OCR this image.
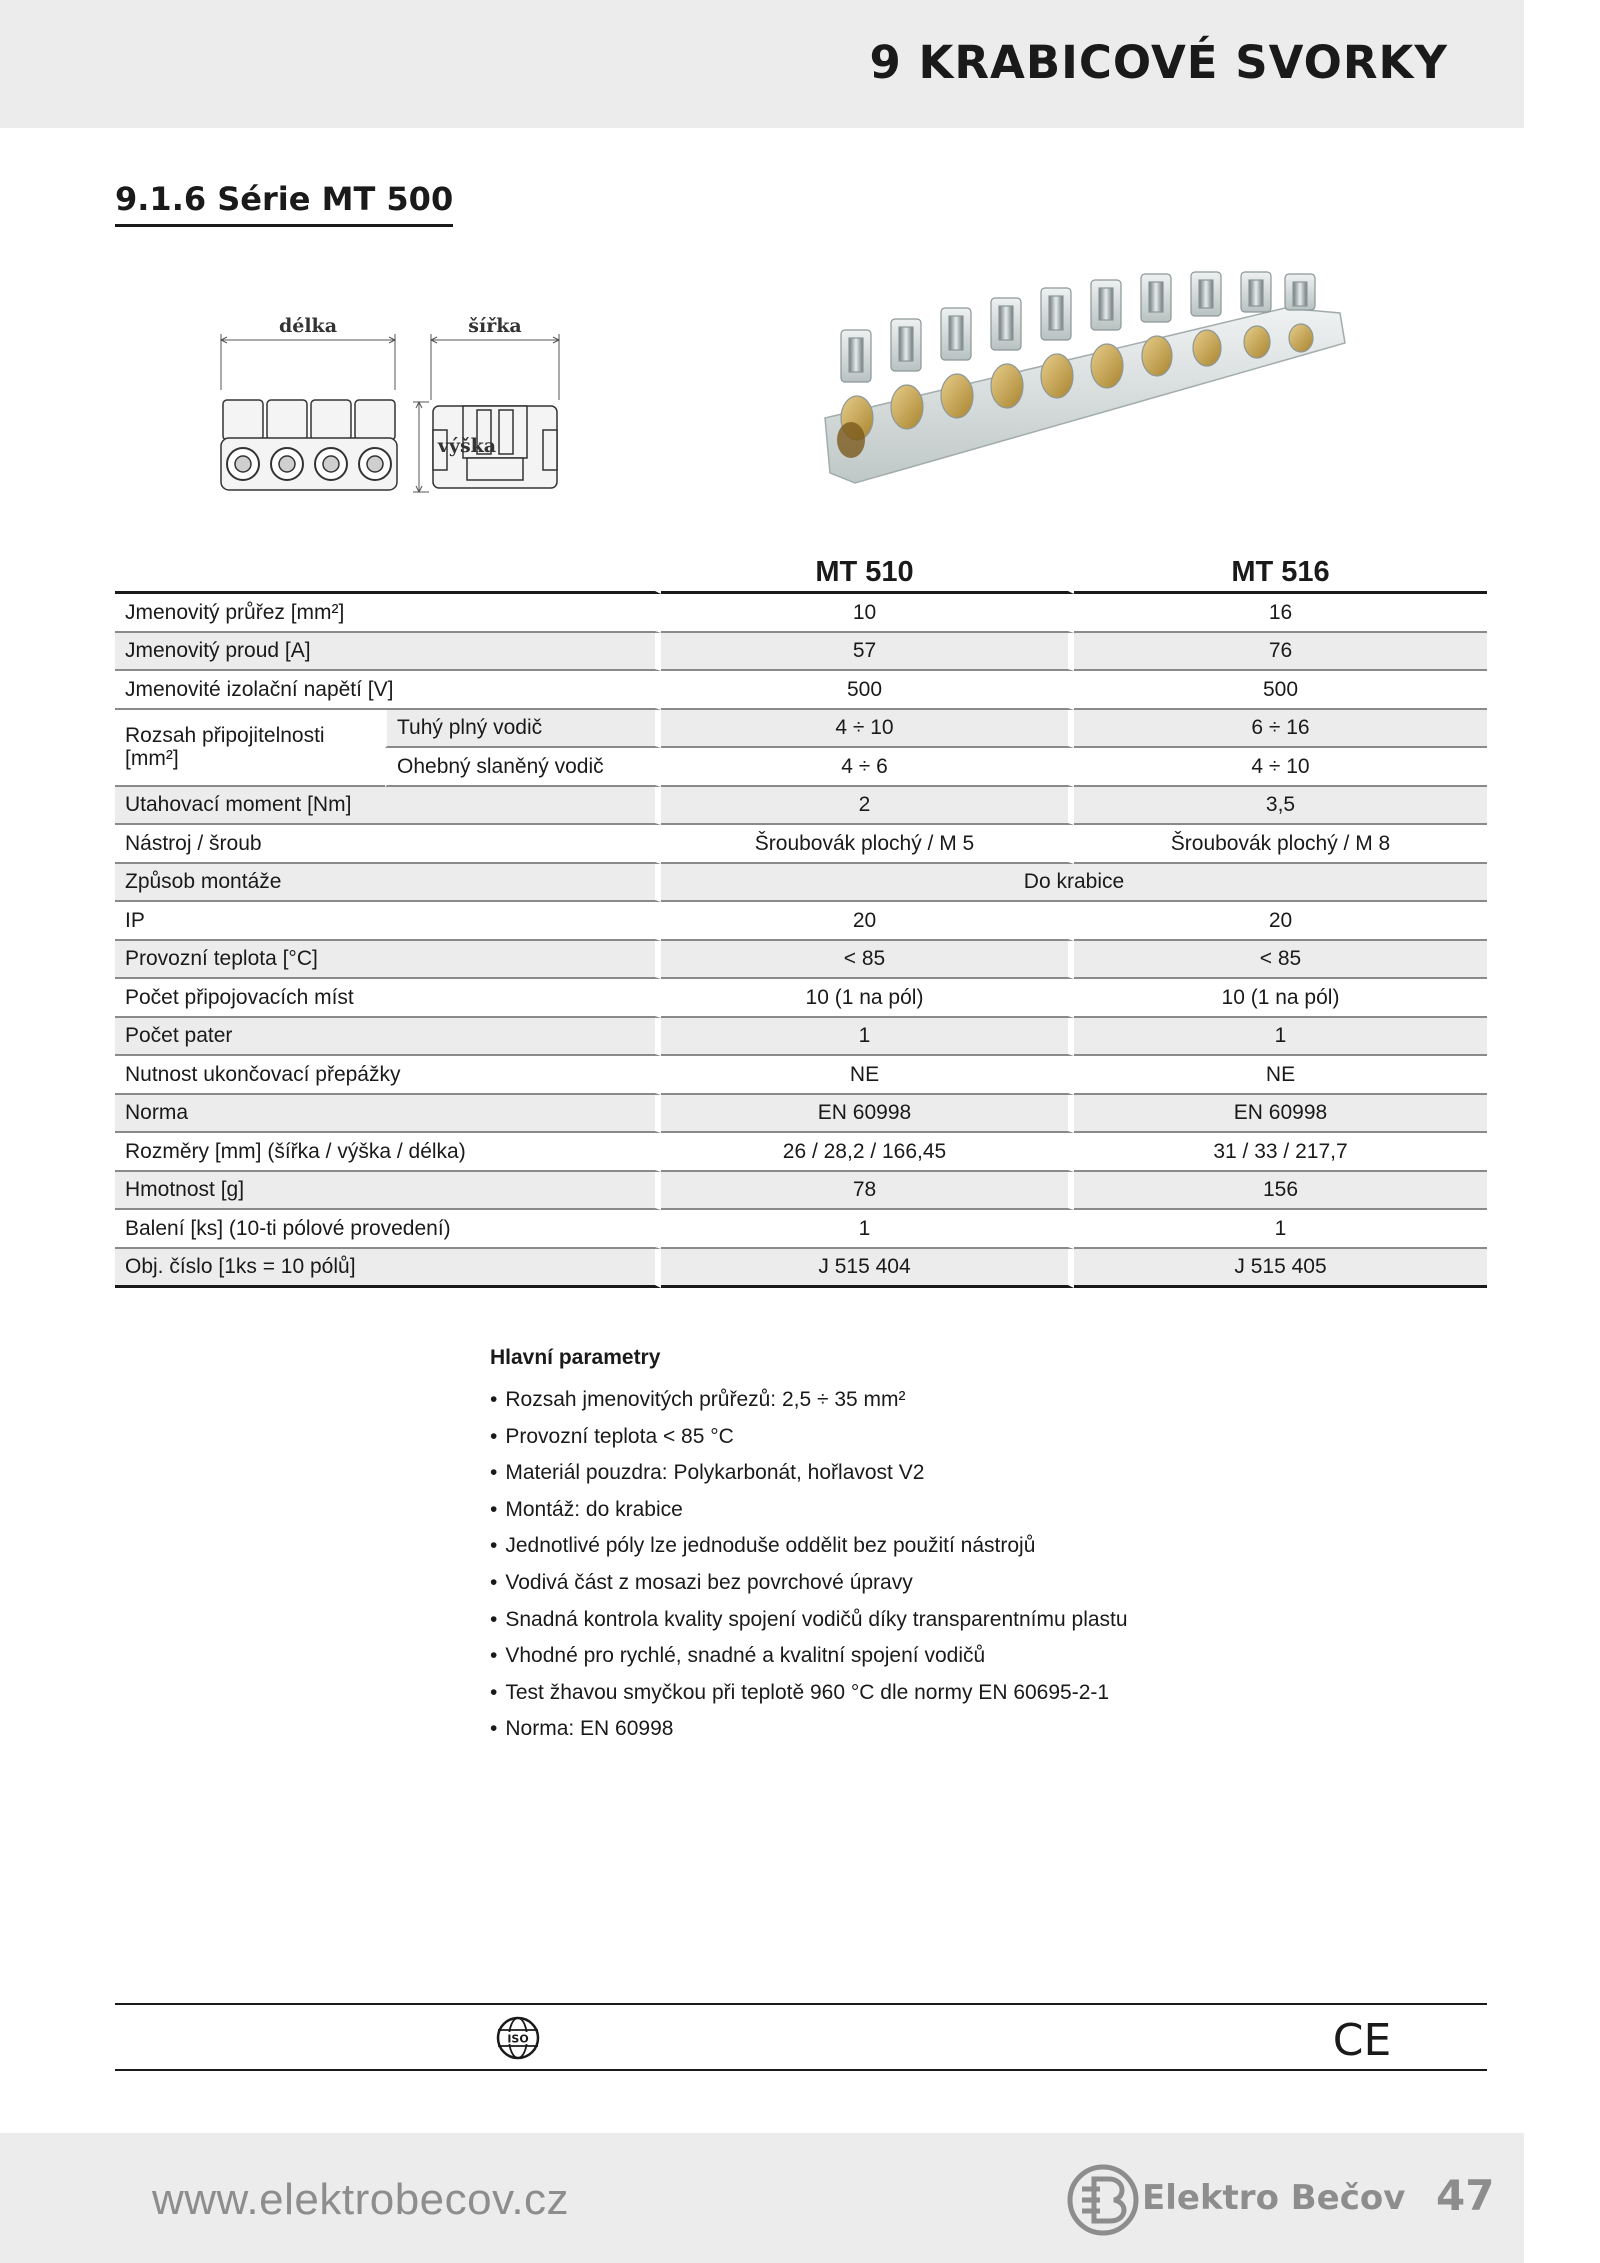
9 KRABICOVÉ SVORKY
9.1.6 Série MT 500
délka	šířka
výška
		MT 510	MT 516
Jmenovitý průřez [mm²]		10	16
Jmenovitý proud [A]		57	76
Jmenovité izolační napětí [V]		500	500
Rozsah připojitelnosti [mm²]	Tuhý plný vodič	4 ÷ 10	6 ÷ 16
	Ohebný slaněný vodič	4 ÷ 6	4 ÷ 10
Utahovací moment [Nm]		2	3,5
Nástroj / šroub		Šroubovák plochý / M 5	Šroubovák plochý / M 8
Způsob montáže		Do krabice	
IP		20	20
Provozní teplota [°C]		< 85	< 85
Počet připojovacích míst		10 (1 na pól)	10 (1 na pól)
Počet pater		1	1
Nutnost ukončovací přepážky		NE	NE
Norma		EN 60998	EN 60998
Rozměry [mm] (šířka / výška / délka)		26 / 28,2 / 166,45	31 / 33 / 217,7
Hmotnost [g]		78	156
Balení [ks] (10-ti pólové provedení)		1	1
Obj. číslo [1ks = 10 pólů]		J 515 404	J 515 405
Hlavní parametry
• Rozsah jmenovitých průřezů: 2,5 ÷ 35 mm²
• Provozní teplota < 85 °C
• Materiál pouzdra: Polykarbonát, hořlavost V2
• Montáž: do krabice
• Jednotlivé póly lze jednoduše oddělit bez použití nástrojů
• Vodivá část z mosazi bez povrchové úpravy
• Snadná kontrola kvality spojení vodičů díky transparentnímu plastu
• Vhodné pro rychlé, snadné a kvalitní spojení vodičů
• Test žhavou smyčkou při teplotě 960 °C dle normy EN 60695-2-1
• Norma: EN 60998
ISO	CE
www.elektrobecov.cz	Elektro Bečov 47
